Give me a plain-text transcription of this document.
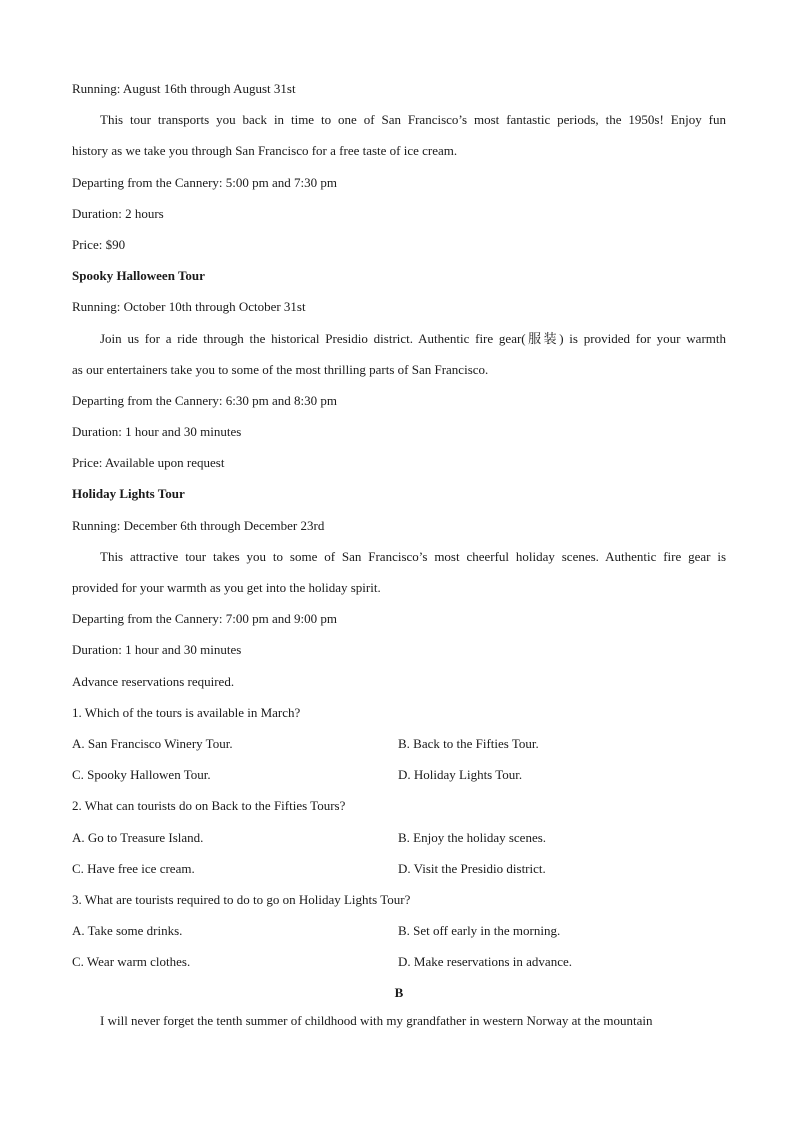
Running: August 16th through August 31st
This tour transports you back in time to one of San Francisco’s most fantastic periods, the 1950s! Enjoy fun
history as we take you through San Francisco for a free taste of ice cream.
Departing from the Cannery: 5:00 pm and 7:30 pm
Duration: 2 hours
Price: $90
Spooky Halloween Tour
Running: October 10th through October 31st
Join us for a ride through the historical Presidio district. Authentic fire gear(服装) is provided for your warmth
as our entertainers take you to some of the most thrilling parts of San Francisco.
Departing from the Cannery: 6:30 pm and 8:30 pm
Duration: 1 hour and 30 minutes
Price: Available upon request
Holiday Lights Tour
Running: December 6th through December 23rd
This attractive tour takes you to some of San Francisco’s most cheerful holiday scenes. Authentic fire gear is
provided for your warmth as you get into the holiday spirit.
Departing from the Cannery: 7:00 pm and 9:00 pm
Duration: 1 hour and 30 minutes
Advance reservations required.
1. Which of the tours is available in March?
A. San Francisco Winery Tour.	B. Back to the Fifties Tour.
C. Spooky Hallowen Tour.	D. Holiday Lights Tour.
2. What can tourists do on Back to the Fifties Tours?
A. Go to Treasure Island.	B. Enjoy the holiday scenes.
C. Have free ice cream.	D. Visit the Presidio district.
3. What are tourists required to do to go on Holiday Lights Tour?
A. Take some drinks.	B. Set off early in the morning.
C. Wear warm clothes.	D. Make reservations in advance.
B
I will never forget the tenth summer of childhood with my grandfather in western Norway at the mountain
